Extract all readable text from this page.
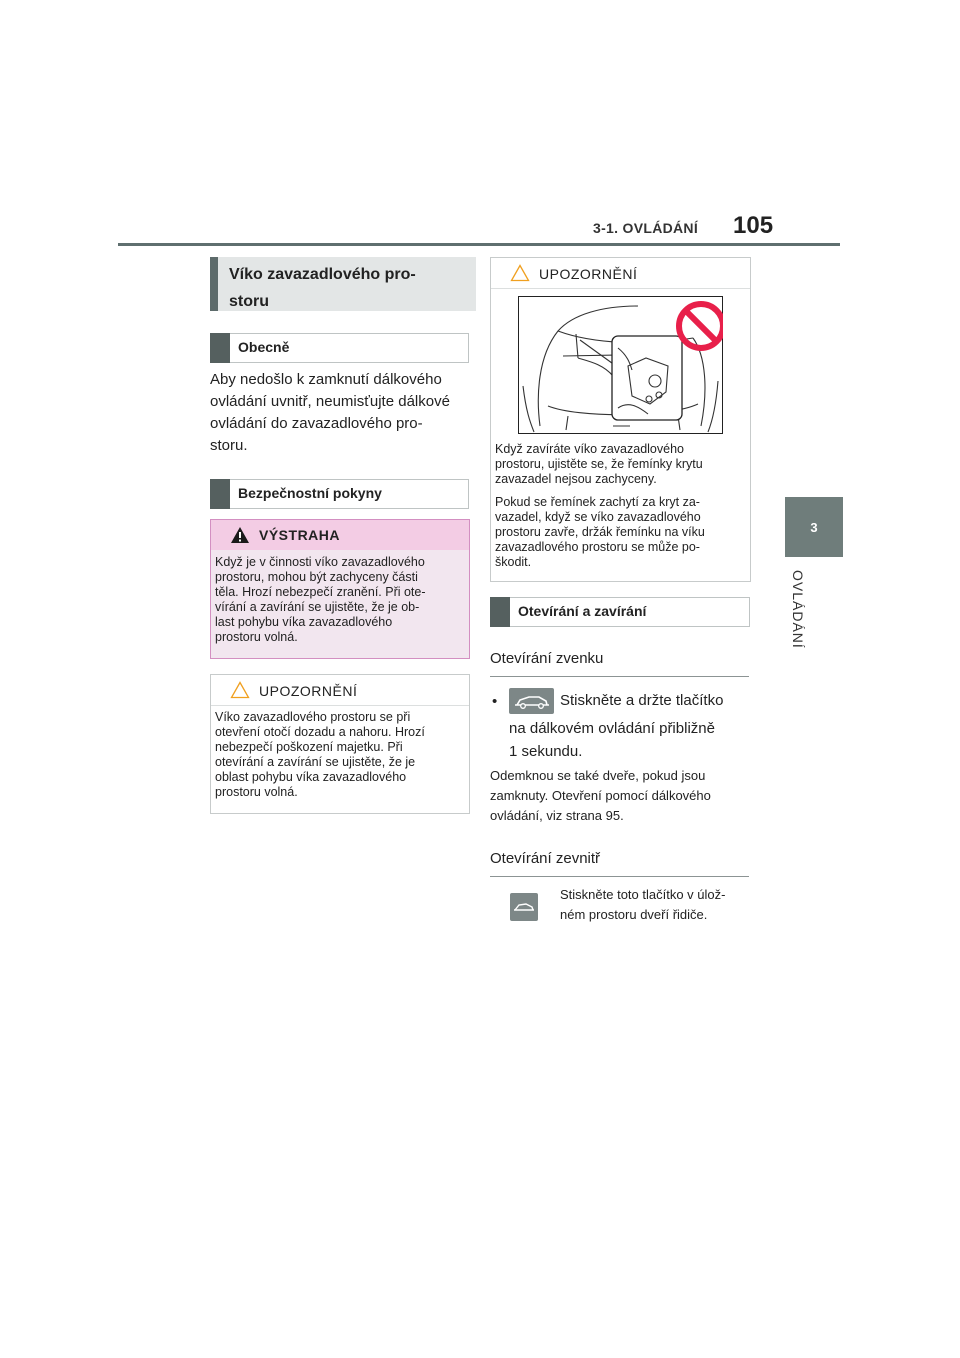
3-1. OVLÁDÁNÍ 105
3
OVLÁDÁNÍ
Víko zavazadlového pro-
storu
Obecně
Aby nedošlo k zamknutí dálkového
ovládání uvnitř, neumisťujte dálkové
ovládání do zavazadlového pro-
storu.
Bezpečnostní pokyny
VÝSTRAHA
Když je v činnosti víko zavazadlového
prostoru, mohou být zachyceny části
těla. Hrozí nebezpečí zranění. Při ote-
vírání a zavírání se ujistěte, že je ob-
last pohybu víka zavazadlového
prostoru volná.
UPOZORNĚNÍ
Víko zavazadlového prostoru se při
otevření otočí dozadu a nahoru. Hrozí
nebezpečí poškození majetku. Při
otevírání a zavírání se ujistěte, že je
oblast pohybu víka zavazadlového
prostoru volná.
UPOZORNĚNÍ
Když zavíráte víko zavazadlového
prostoru, ujistěte se, že řemínky krytu
zavazadel nejsou zachyceny.
Pokud se řemínek zachytí za kryt za-
vazadel, když se víko zavazadlového
prostoru zavře, držák řemínku na víku
zavazadlového prostoru se může po-
škodit.
Otevírání a zavírání
Otevírání zvenku
•	Stiskněte a držte tlačítko
na dálkovém ovládání přibližně
1 sekundu.
Odemknou se také dveře, pokud jsou
zamknuty. Otevření pomocí dálkového
ovládání, viz strana 95.
Otevírání zevnitř
Stiskněte toto tlačítko v úlož-
ném prostoru dveří řidiče.
